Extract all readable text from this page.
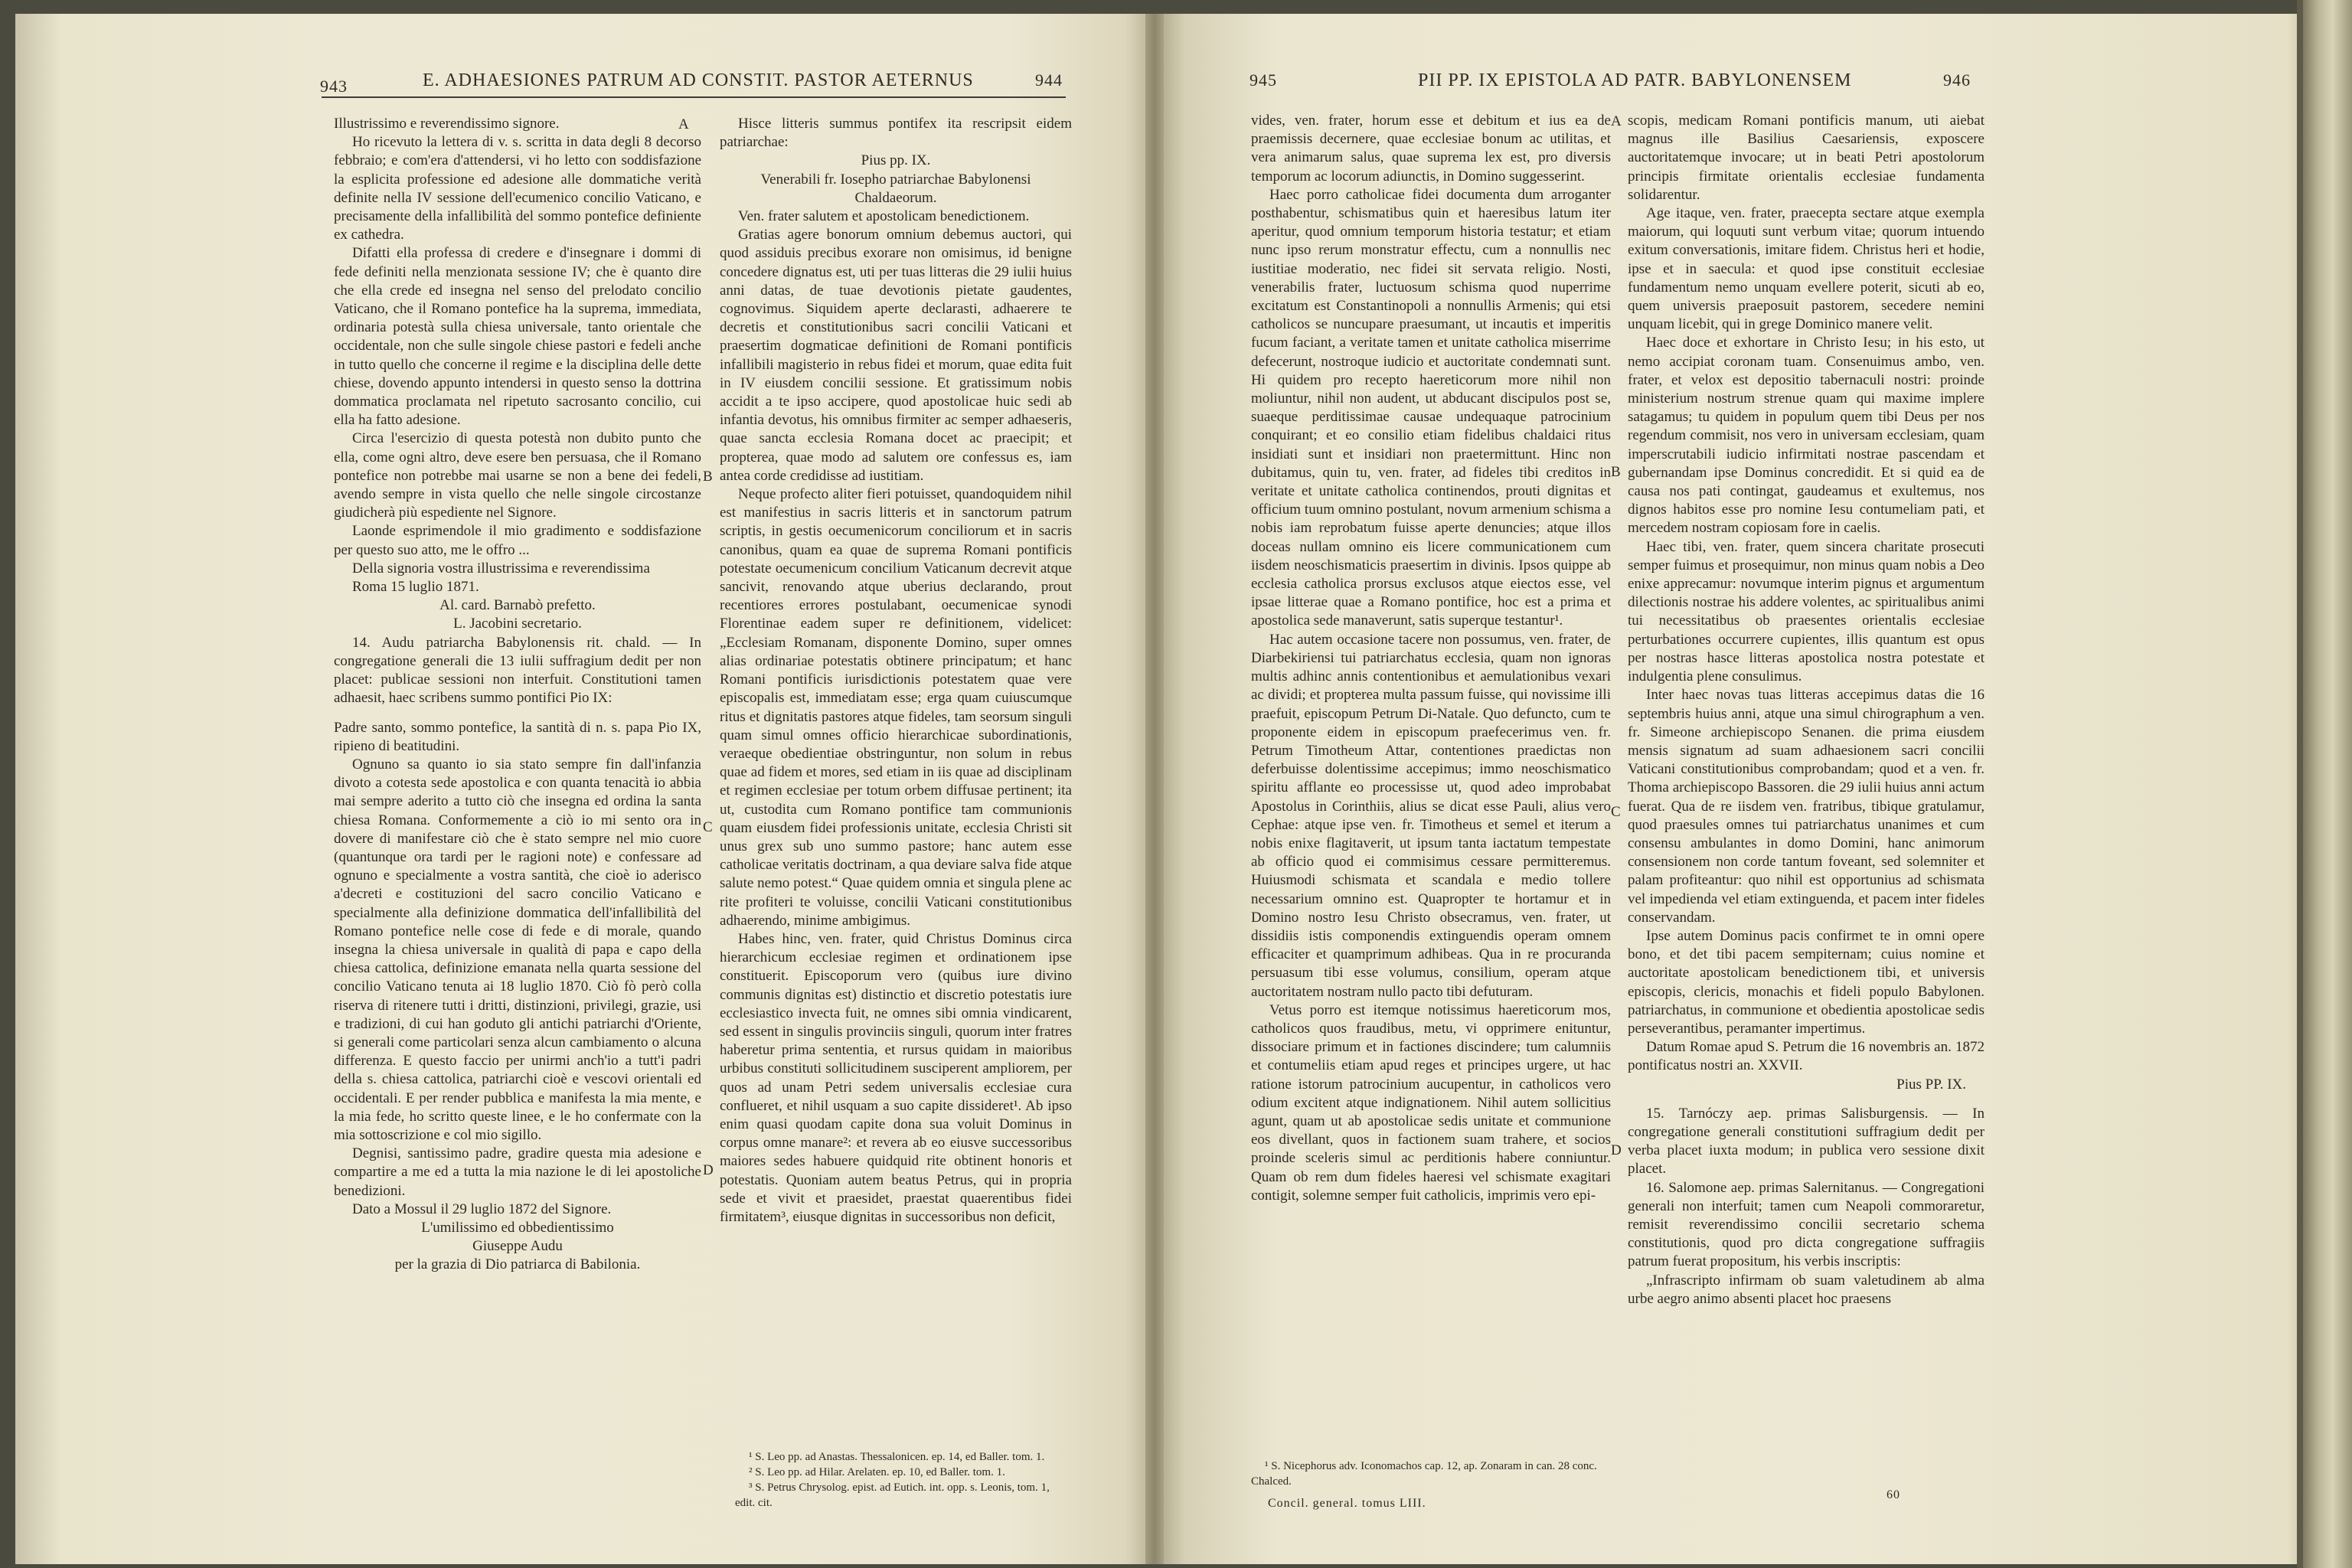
943	E. ADHAESIONES PATRUM AD CONSTIT. PASTOR AETERNUS	944

Illustrissimo e reverendissimo signore.

Ho ricevuto la lettera di v. s. scritta in data degli 8 decorso febbraio; e com'era d'attendersi, vi ho letto con soddisfazione la esplicita professione ed adesione alle dommatiche verità definite nella IV sessione dell'ecumenico concilio Vaticano, e precisamente della infallibilità del sommo pontefice definiente ex cathedra.

Difatti ella professa di credere e d'insegnare i dommi di fede definiti nella menzionata sessione IV; che è quanto dire che ella crede ed insegna nel senso del prelodato concilio Vaticano, che il Romano pontefice ha la suprema, immediata, ordinaria potestà sulla chiesa universale, tanto orientale che occidentale, non che sulle singole chiese pastori e fedeli anche in tutto quello che concerne il regime e la disciplina delle dette chiese, dovendo appunto intendersi in questo senso la dottrina dommatica proclamata nel ripetuto sacrosanto concilio, cui ella ha fatto adesione.

Circa l'esercizio di questa potestà non dubito punto che ella, come ogni altro, deve esere ben persuasa, che il Romano pontefice non potrebbe mai usarne se non a bene dei fedeli, avendo sempre in vista quello che nelle singole circostanze giudicherà più espediente nel Signore.

Laonde esprimendole il mio gradimento e soddisfazione per questo suo atto, me le offro ...

Della signoria vostra illustrissima e reverendissima

Roma 15 luglio 1871.

Al. card. Barnabò prefetto.

L. Jacobini secretario.

14. Audu patriarcha Babylonensis rit. chald. — In congregatione generali die 13 iulii suffragium dedit per non placet: publicae sessioni non interfuit. Constitutioni tamen adhaesit, haec scribens summo pontifici Pio IX:

Padre santo, sommo pontefice, la santità di n. s. papa Pio IX, ripieno di beatitudini.

Ognuno sa quanto io sia stato sempre fin dall'infanzia divoto a cotesta sede apostolica e con quanta tenacità io abbia mai sempre aderito a tutto ciò che insegna ed ordina la santa chiesa Romana. Conformemente a ciò io mi sento ora in dovere di manifestare ciò che è stato sempre nel mio cuore (quantunque ora tardi per le ragioni note) e confessare ad ognuno e specialmente a vostra santità, che cioè io aderisco a'decreti e costituzioni del sacro concilio Vaticano e specialmente alla definizione dommatica dell'infallibilità del Romano pontefice nelle cose di fede e di morale, quando insegna la chiesa universale in qualità di papa e capo della chiesa cattolica, definizione emanata nella quarta sessione del concilio Vaticano tenuta ai 18 luglio 1870. Ciò fò però colla riserva di ritenere tutti i dritti, distinzioni, privilegi, grazie, usi e tradizioni, di cui han goduto gli antichi patriarchi d'Oriente, si generali come particolari senza alcun cambiamento o alcuna differenza. E questo faccio per unirmi anch'io a tutt'i padri della s. chiesa cattolica, patriarchi cioè e vescovi orientali ed occidentali. E per render pubblica e manifesta la mia mente, e la mia fede, ho scritto queste linee, e le ho confermate con la mia sottoscrizione e col mio sigillo.

Degnisi, santissimo padre, gradire questa mia adesione e compartire a me ed a tutta la mia nazione le di lei apostoliche benedizioni.

Dato a Mossul il 29 luglio 1872 del Signore.

L'umilissimo ed obbedientissimo

Giuseppe Audu

per la grazia di Dio patriarca di Babilonia.

Hisce litteris summus pontifex ita rescripsit eidem patriarchae:

Pius pp. IX.

Venerabili fr. Iosepho patriarchae Babylonensi Chaldaeorum.

Ven. frater salutem et apostolicam benedictionem.

Gratias agere bonorum omnium debemus auctori, qui quod assiduis precibus exorare non omisimus, id benigne concedere dignatus est, uti per tuas litteras die 29 iulii huius anni datas, de tuae devotionis pietate gaudentes, cognovimus. Siquidem aperte declarasti, adhaerere te decretis et constitutionibus sacri concilii Vaticani et praesertim dogmaticae definitioni de Romani pontificis infallibili magisterio in rebus fidei et morum, quae edita fuit in IV eiusdem concilii sessione. Et gratissimum nobis accidit a te ipso accipere, quod apostolicae huic sedi ab infantia devotus, his omnibus firmiter ac semper adhaeseris, quae sancta ecclesia Romana docet ac praecipit; et propterea, quae modo ad salutem ore confessus es, iam antea corde credidisse ad iustitiam.

Neque profecto aliter fieri potuisset, quandoquidem nihil est manifestius in sacris litteris et in sanctorum patrum scriptis, in gestis oecumenicorum conciliorum et in sacris canonibus, quam ea quae de suprema Romani pontificis potestate oecumenicum concilium Vaticanum decrevit atque sancivit, renovando atque uberius declarando, prout recentiores errores postulabant, oecumenicae synodi Florentinae eadem super re definitionem, videlicet: „Ecclesiam Romanam, disponente Domino, super omnes alias ordinariae potestatis obtinere principatum; et hanc Romani pontificis iurisdictionis potestatem quae vere episcopalis est, immediatam esse; erga quam cuiuscumque ritus et dignitatis pastores atque fideles, tam seorsum singuli quam simul omnes officio hierarchicae subordinationis, veraeque obedientiae obstringuntur, non solum in rebus quae ad fidem et mores, sed etiam in iis quae ad disciplinam et regimen ecclesiae per totum orbem diffusae pertinent; ita ut, custodita cum Romano pontifice tam communionis quam eiusdem fidei professionis unitate, ecclesia Christi sit unus grex sub uno summo pastore; hanc autem esse catholicae veritatis doctrinam, a qua deviare salva fide atque salute nemo potest.“ Quae quidem omnia et singula plene ac rite profiteri te voluisse, concilii Vaticani constitutionibus adhaerendo, minime ambigimus.

Habes hinc, ven. frater, quid Christus Dominus circa hierarchicum ecclesiae regimen et ordinationem ipse constituerit. Episcoporum vero (quibus iure divino communis dignitas est) distinctio et discretio potestatis iure ecclesiastico invecta fuit, ne omnes sibi omnia vindicarent, sed essent in singulis provinciis singuli, quorum inter fratres haberetur prima sententia, et rursus quidam in maioribus urbibus constituti sollicitudinem susciperent ampliorem, per quos ad unam Petri sedem universalis ecclesiae cura conflueret, et nihil usquam a suo capite dissideret¹. Ab ipso enim quasi quodam capite dona sua voluit Dominus in corpus omne manare²: et revera ab eo eiusve successoribus maiores sedes habuere quidquid rite obtinent honoris et potestatis. Quoniam autem beatus Petrus, qui in propria sede et vivit et praesidet, praestat quaerentibus fidei firmitatem³, eiusque dignitas in successoribus non deficit,

¹ S. Leo pp. ad Anastas. Thessalonicen. ep. 14, ed Baller. tom. 1.

² S. Leo pp. ad Hilar. Arelaten. ep. 10, ed Baller. tom. 1.

³ S. Petrus Chrysolog. epist. ad Eutich. int. opp. s. Leonis, tom. 1, edit. cit.

A
B
C
D
945	PII PP. IX EPISTOLA AD PATR. BABYLONENSEM	946

vides, ven. frater, horum esse et debitum et ius ea de praemissis decernere, quae ecclesiae bonum ac utilitas, et vera animarum salus, quae suprema lex est, pro diversis temporum ac locorum adiunctis, in Domino suggesserint.

Haec porro catholicae fidei documenta dum arroganter posthabentur, schismatibus quin et haeresibus latum iter aperitur, quod omnium temporum historia testatur; et etiam nunc ipso rerum monstratur effectu, cum a nonnullis nec iustitiae moderatio, nec fidei sit servata religio. Nosti, venerabilis frater, luctuosum schisma quod nuperrime excitatum est Constantinopoli a nonnullis Armenis; qui etsi catholicos se nuncupare praesumant, ut incautis et imperitis fucum faciant, a veritate tamen et unitate catholica miserrime defecerunt, nostroque iudicio et auctoritate condemnati sunt. Hi quidem pro recepto haereticorum more nihil non moliuntur, nihil non audent, ut abducant discipulos post se, suaeque perditissimae causae undequaque patrocinium conquirant; et eo consilio etiam fidelibus chaldaici ritus insidiati sunt et insidiari non praetermittunt. Hinc non dubitamus, quin tu, ven. frater, ad fideles tibi creditos in veritate et unitate catholica continendos, prouti dignitas et officium tuum omnino postulant, novum armenium schisma a nobis iam reprobatum fuisse aperte denuncies; atque illos doceas nullam omnino eis licere communicationem cum iisdem neoschismaticis praesertim in divinis. Ipsos quippe ab ecclesia catholica prorsus exclusos atque eiectos esse, vel ipsae litterae quae a Romano pontifice, hoc est a prima et apostolica sede manaverunt, satis superque testantur¹.

Hac autem occasione tacere non possumus, ven. frater, de Diarbekiriensi tui patriarchatus ecclesia, quam non ignoras multis adhinc annis contentionibus et aemulationibus vexari ac dividi; et propterea multa passum fuisse, qui novissime illi praefuit, episcopum Petrum Di-Natale. Quo defuncto, cum te proponente eidem in episcopum praefecerimus ven. fr. Petrum Timotheum Attar, contentiones praedictas non deferbuisse dolentissime accepimus; immo neoschismatico spiritu afflante eo processisse ut, quod adeo improbabat Apostolus in Corinthiis, alius se dicat esse Pauli, alius vero Cephae: atque ipse ven. fr. Timotheus et semel et iterum a nobis enixe flagitaverit, ut ipsum tanta iactatum tempestate ab officio quod ei commisimus cessare permitteremus. Huiusmodi schismata et scandala e medio tollere necessarium omnino est. Quapropter te hortamur et in Domino nostro Iesu Christo obsecramus, ven. frater, ut dissidiis istis componendis extinguendis operam omnem efficaciter et quamprimum adhibeas. Qua in re procuranda persuasum tibi esse volumus, consilium, operam atque auctoritatem nostram nullo pacto tibi defuturam.

Vetus porro est itemque notissimus haereticorum mos, catholicos quos fraudibus, metu, vi opprimere enituntur, dissociare primum et in factiones discindere; tum calumniis et contumeliis etiam apud reges et principes urgere, ut hac ratione istorum patrocinium aucupentur, in catholicos vero odium excitent atque indignationem. Nihil autem sollicitius agunt, quam ut ab apostolicae sedis unitate et communione eos divellant, quos in factionem suam trahere, et socios proinde sceleris simul ac perditionis habere conniuntur. Quam ob rem dum fideles haeresi vel schismate exagitari contigit, solemne semper fuit catholicis, imprimis vero epi-

¹ S. Nicephorus adv. Iconomachos cap. 12, ap. Zonaram in can. 28 conc. Chalced.

Concil. general. tomus LIII.

scopis, medicam Romani pontificis manum, uti aiebat magnus ille Basilius Caesariensis, exposcere auctoritatemque invocare; ut in beati Petri apostolorum principis firmitate orientalis ecclesiae fundamenta solidarentur.

Age itaque, ven. frater, praecepta sectare atque exempla maiorum, qui loquuti sunt verbum vitae; quorum intuendo exitum conversationis, imitare fidem. Christus heri et hodie, ipse et in saecula: et quod ipse constituit ecclesiae fundamentum nemo unquam evellere poterit, sicuti ab eo, quem universis praeposuit pastorem, secedere nemini unquam licebit, qui in grege Dominico manere velit.

Haec doce et exhortare in Christo Iesu; in his esto, ut nemo accipiat coronam tuam. Consenuimus ambo, ven. frater, et velox est depositio tabernaculi nostri: proinde ministerium nostrum strenue quam qui maxime implere satagamus; tu quidem in populum quem tibi Deus per nos regendum commisit, nos vero in universam ecclesiam, quam imperscrutabili iudicio infirmitati nostrae pascendam et gubernandam ipse Dominus concredidit. Et si quid ea de causa nos pati contingat, gaudeamus et exultemus, nos dignos habitos esse pro nomine Iesu contumeliam pati, et mercedem nostram copiosam fore in caelis.

Haec tibi, ven. frater, quem sincera charitate prosecuti semper fuimus et prosequimur, non minus quam nobis a Deo enixe apprecamur: novumque interim pignus et argumentum dilectionis nostrae his addere volentes, ac spiritualibus animi tui necessitatibus ob praesentes orientalis ecclesiae perturbationes occurrere cupientes, illis quantum est opus per nostras hasce litteras apostolica nostra potestate et indulgentia plene consulimus.

Inter haec novas tuas litteras accepimus datas die 16 septembris huius anni, atque una simul chirographum a ven. fr. Simeone archiepiscopo Senanen. die prima eiusdem mensis signatum ad suam adhaesionem sacri concilii Vaticani constitutionibus comprobandam; quod et a ven. fr. Thoma archiepiscopo Bassoren. die 29 iulii huius anni actum fuerat. Qua de re iisdem ven. fratribus, tibique gratulamur, quod praesules omnes tui patriarchatus unanimes et cum consensu ambulantes in domo Domini, hanc animorum consensionem non corde tantum foveant, sed solemniter et palam profiteantur: quo nihil est opportunius ad schismata vel impedienda vel etiam extinguenda, et pacem inter fideles conservandam.

Ipse autem Dominus pacis confirmet te in omni opere bono, et det tibi pacem sempiternam; cuius nomine et auctoritate apostolicam benedictionem tibi, et universis episcopis, clericis, monachis et fideli populo Babylonen. patriarchatus, in communione et obedientia apostolicae sedis perseverantibus, peramanter impertimus.

Datum Romae apud S. Petrum die 16 novembris an. 1872 pontificatus nostri an. XXVII.

Pius PP. IX.

15. Tarnóczy aep. primas Salisburgensis. — In congregatione generali constitutioni suffragium dedit per verba placet iuxta modum; in publica vero sessione dixit placet.

16. Salomone aep. primas Salernitanus. — Congregationi generali non interfuit; tamen cum Neapoli commoraretur, remisit reverendissimo concilii secretario schema constitutionis, quod pro dicta congregatione suffragiis patrum fuerat propositum, his verbis inscriptis:

„Infrascripto infirmam ob suam valetudinem ab alma urbe aegro animo absenti placet hoc praesens

60
A
B
C
D
